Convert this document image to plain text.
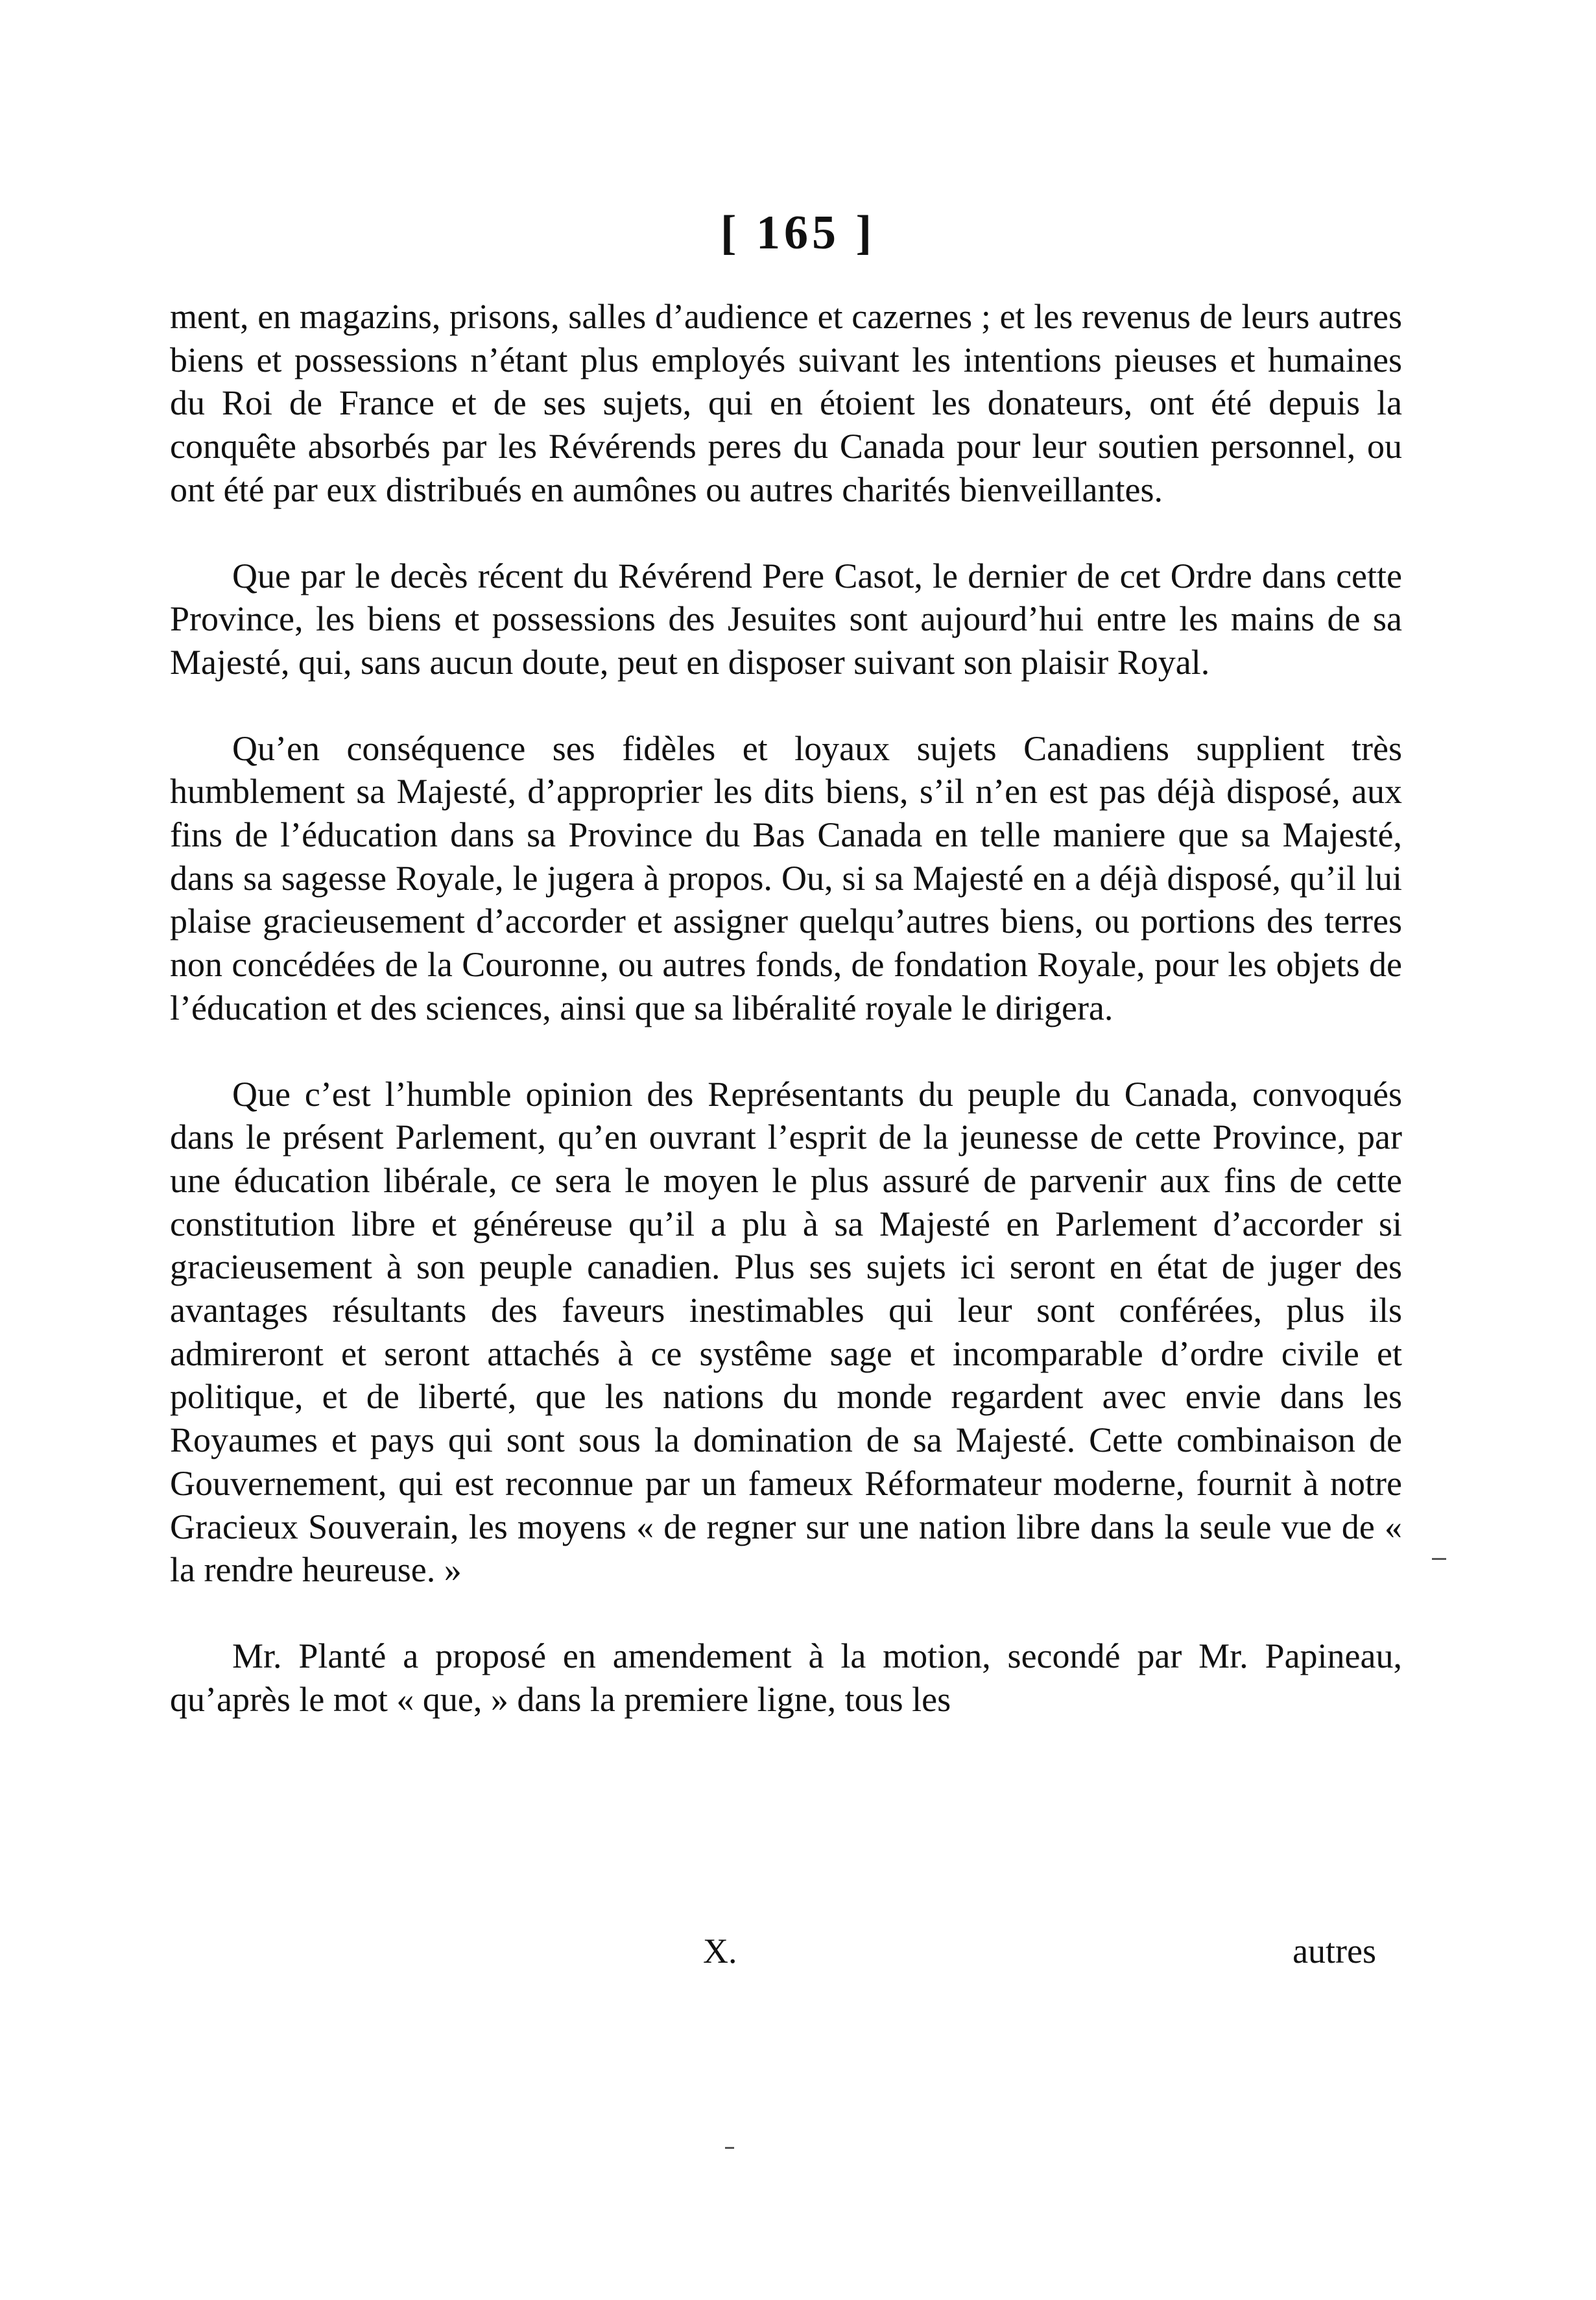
[ 165 ]

ment, en magazins, prisons, salles d’audience et cazernes ; et les revenus de leurs autres biens et possessions n’étant plus employés suivant les intentions pieuses et humaines du Roi de France et de ses sujets, qui en étoient les donateurs, ont été depuis la conquête absorbés par les Révérends peres du Canada pour leur soutien personnel, ou ont été par eux distribués en aumônes ou autres charités bienveillantes.

Que par le decès récent du Révérend Pere Casot, le dernier de cet Ordre dans cette Province, les biens et possessions des Jesuites sont aujourd’hui entre les mains de sa Majesté, qui, sans aucun doute, peut en disposer suivant son plaisir Royal.

Qu’en conséquence ses fidèles et loyaux sujets Canadiens supplient très humblement sa Majesté, d’approprier les dits biens, s’il n’en est pas déjà disposé, aux fins de l’éducation dans sa Province du Bas Canada en telle maniere que sa Majesté, dans sa sagesse Royale, le jugera à propos. Ou, si sa Majesté en a déjà disposé, qu’il lui plaise gracieusement d’accorder et assigner quelqu’autres biens, ou portions des terres non concédées de la Couronne, ou autres fonds, de fondation Royale, pour les objets de l’éducation et des sciences, ainsi que sa libéralité royale le dirigera.

Que c’est l’humble opinion des Représentants du peuple du Canada, convoqués dans le présent Parlement, qu’en ouvrant l’esprit de la jeunesse de cette Province, par une éducation libérale, ce sera le moyen le plus assuré de parvenir aux fins de cette constitution libre et généreuse qu’il a plu à sa Majesté en Parlement d’accorder si gracieusement à son peuple canadien. Plus ses sujets ici seront en état de juger des avantages résultants des faveurs inestimables qui leur sont conférées, plus ils admireront et seront attachés à ce systême sage et incomparable d’ordre civile et politique, et de liberté, que les nations du monde regardent avec envie dans les Royaumes et pays qui sont sous la domination de sa Majesté. Cette combinaison de Gouvernement, qui est reconnue par un fameux Réformateur moderne, fournit à notre Gracieux Souverain, les moyens « de regner sur une nation libre dans la seule vue de « la rendre heureuse. »

Mr. Planté a proposé en amendement à la motion, secondé par Mr. Papineau, qu’après le mot « que, » dans la premiere ligne, tous les

X.	autres
